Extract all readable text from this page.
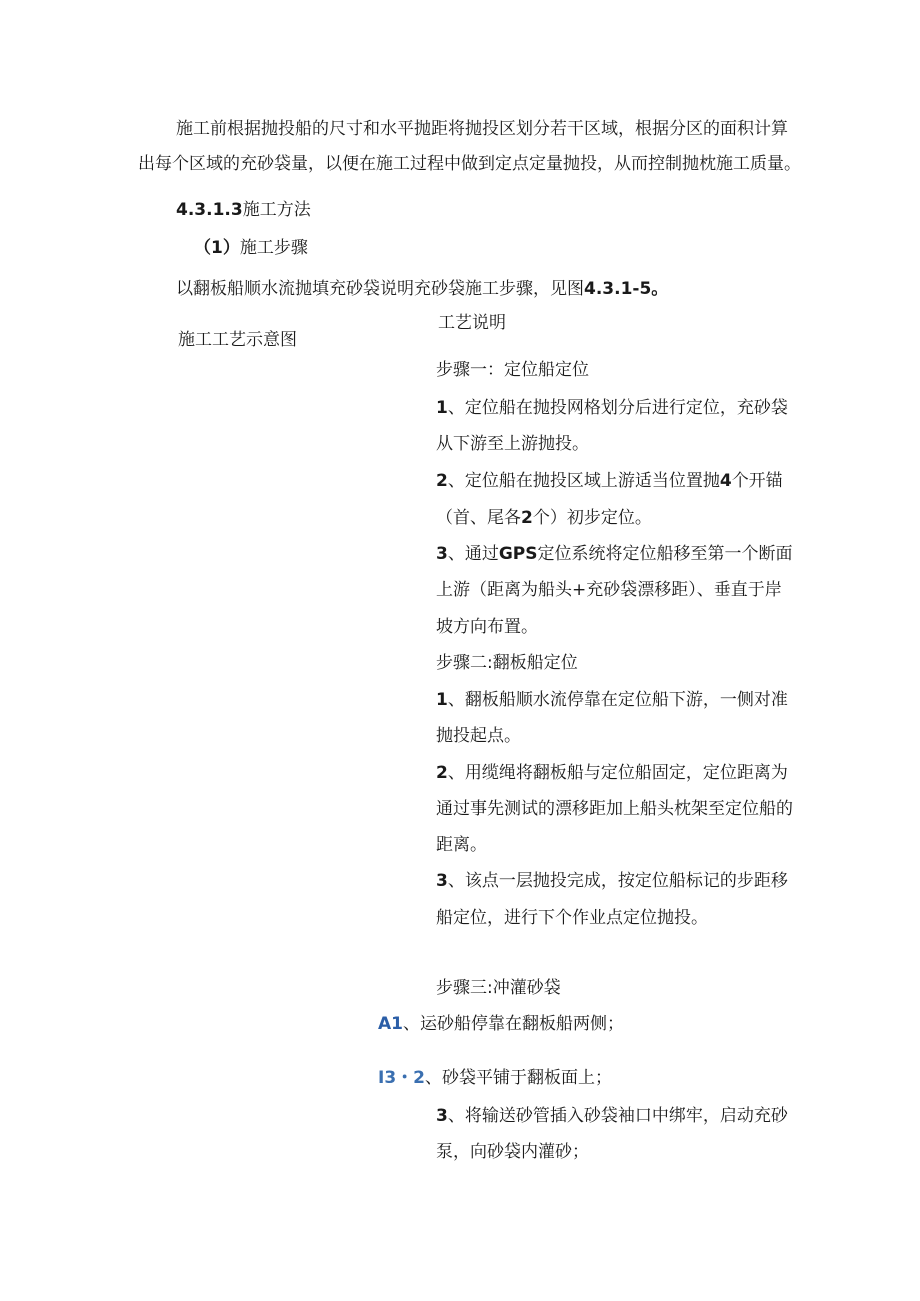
施工前根据抛投船的尺寸和水平抛距将抛投区划分若干区域，根据分区的面积计算
出每个区域的充砂袋量，以便在施工过程中做到定点定量抛投，从而控制抛枕施工质量。
4.3.1.3施工方法
（1）施工步骤
以翻板船顺水流抛填充砂袋说明充砂袋施工步骤，见图4.3.1-5。
工艺说明
施工工艺示意图
步骤一：定位船定位
1、定位船在抛投网格划分后进行定位，充砂袋
从下游至上游抛投。
2、定位船在抛投区域上游适当位置抛4个开锚
（首、尾各2个）初步定位。
3、通过GPS定位系统将定位船移至第一个断面
上游（距离为船头+充砂袋漂移距）、垂直于岸
坡方向布置。
步骤二:翻板船定位
1、翻板船顺水流停靠在定位船下游，一侧对准
抛投起点。
2、用缆绳将翻板船与定位船固定，定位距离为
通过事先测试的漂移距加上船头枕架至定位船的
距离。
3、该点一层抛投完成，按定位船标记的步距移
船定位，进行下个作业点定位抛投。
步骤三:冲灌砂袋
A1、运砂船停靠在翻板船两侧；
I3・2、砂袋平铺于翻板面上；
3、将输送砂管插入砂袋袖口中绑牢，启动充砂
泵，向砂袋内灌砂；
